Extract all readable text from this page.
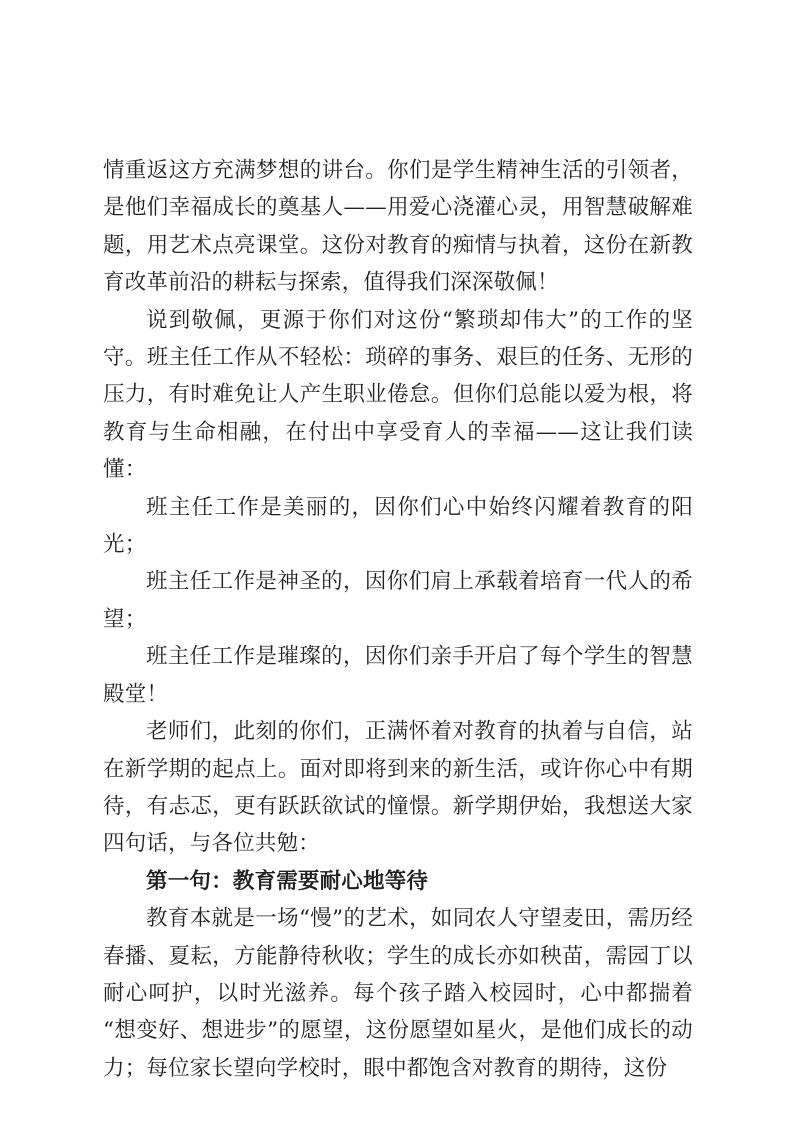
情重返这方充满梦想的讲台。你们是学生精神生活的引领者，是他们幸福成长的奠基人——用爱心浇灌心灵，用智慧破解难题，用艺术点亮课堂。这份对教育的痴情与执着，这份在新教育改革前沿的耕耘与探索，值得我们深深敬佩！

说到敬佩，更源于你们对这份“繁琐却伟大”的工作的坚守。班主任工作从不轻松：琐碎的事务、艰巨的任务、无形的压力，有时难免让人产生职业倦怠。但你们总能以爱为根，将教育与生命相融，在付出中享受育人的幸福——这让我们读懂：

班主任工作是美丽的，因你们心中始终闪耀着教育的阳光；

班主任工作是神圣的，因你们肩上承载着培育一代人的希望；

班主任工作是璀璨的，因你们亲手开启了每个学生的智慧殿堂！

老师们，此刻的你们，正满怀着对教育的执着与自信，站在新学期的起点上。面对即将到来的新生活，或许你心中有期待，有忐忑，更有跃跃欲试的憧憬。新学期伊始，我想送大家四句话，与各位共勉：

第一句：教育需要耐心地等待

教育本就是一场“慢”的艺术，如同农人守望麦田，需历经春播、夏耘，方能静待秋收；学生的成长亦如秧苗，需园丁以耐心呵护，以时光滋养。每个孩子踏入校园时，心中都揣着“想变好、想进步”的愿望，这份愿望如星火，是他们成长的动力；每位家长望向学校时，眼中都饱含对教育的期待，这份
